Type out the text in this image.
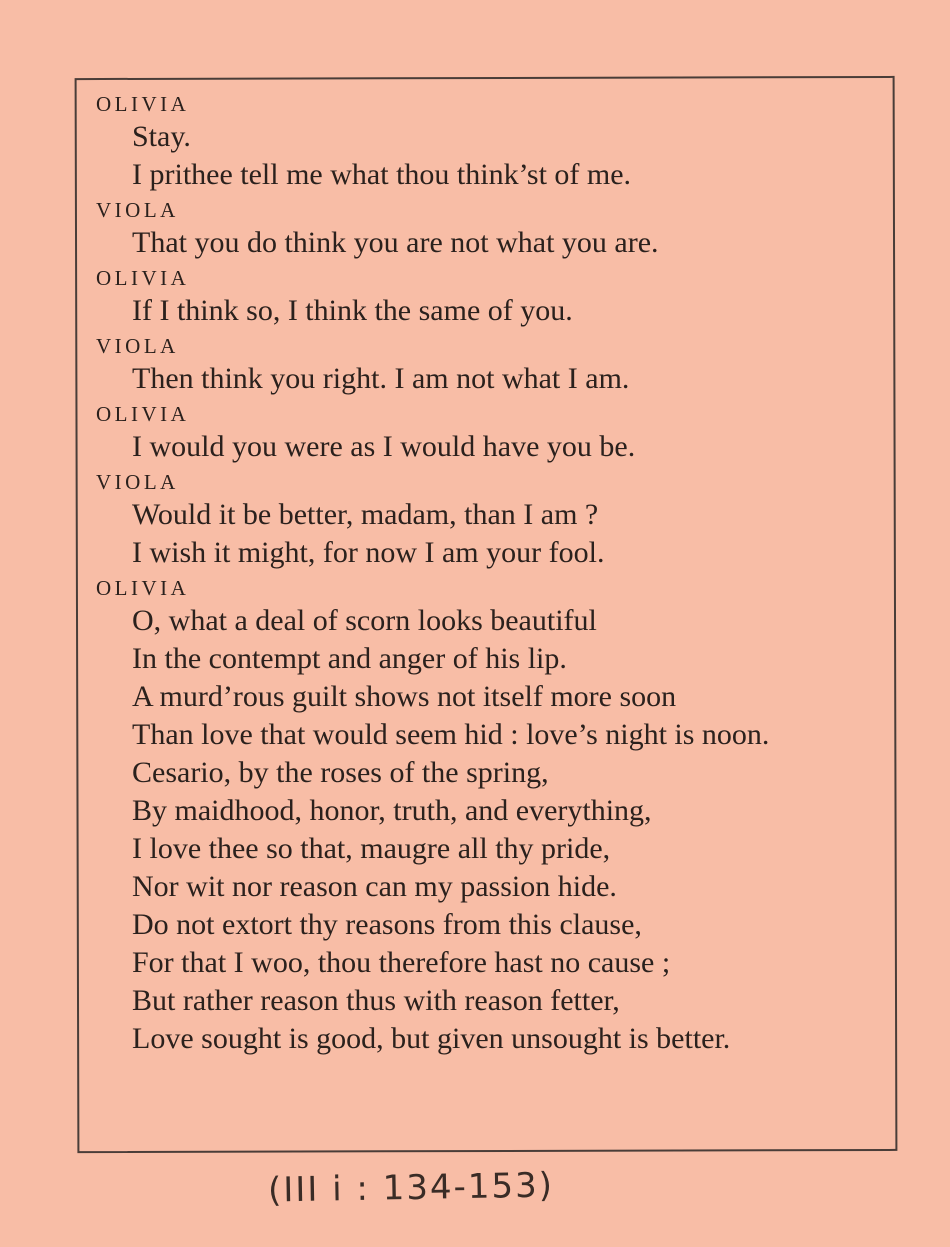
OLIVIA
Stay.
I prithee tell me what thou think’st of me.
VIOLA
That you do think you are not what you are.
OLIVIA
If I think so, I think the same of you.
VIOLA
Then think you right. I am not what I am.
OLIVIA
I would you were as I would have you be.
VIOLA
Would it be better, madam, than I am ?
I wish it might, for now I am your fool.
OLIVIA
O, what a deal of scorn looks beautiful
In the contempt and anger of his lip.
A murd’rous guilt shows not itself more soon
Than love that would seem hid : love’s night is noon.
Cesario, by the roses of the spring,
By maidhood, honor, truth, and everything,
I love thee so that, maugre all thy pride,
Nor wit nor reason can my passion hide.
Do not extort thy reasons from this clause,
For that I woo, thou therefore hast no cause ;
But rather reason thus with reason fetter,
Love sought is good, but given unsought is better.
(III i : 134-153)
